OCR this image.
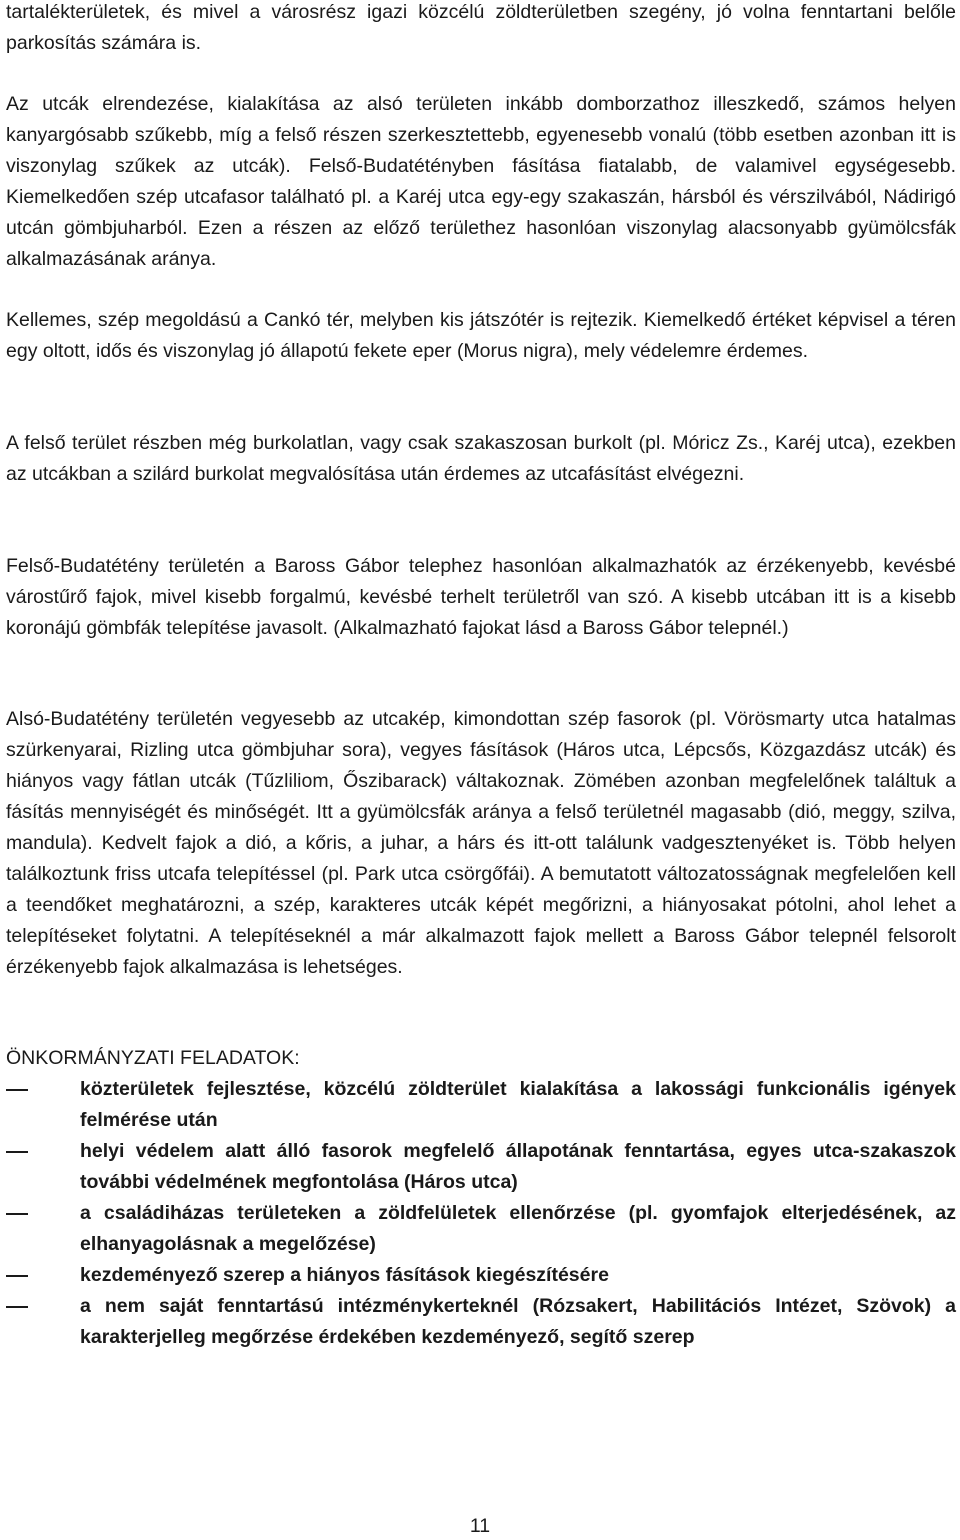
tartalékterületek, és mivel a városrész igazi közcélú zöldterületben szegény, jó volna fenntartani belőle parkosítás számára is.

Az utcák elrendezése, kialakítása az alsó területen inkább domborzathoz illeszkedő, számos helyen kanyargósabb szűkebb, míg a felső részen szerkesztettebb, egyenesebb vonalú (több esetben azonban itt is viszonylag szűkek az utcák). Felső-Budatétényben fásítása fiatalabb, de valamivel egységesebb. Kiemelkedően szép utcafasor található pl. a Karéj utca egy-egy szakaszán, hársból és vérszilvából, Nádirigó utcán gömbjuharból. Ezen a részen az előző területhez hasonlóan viszonylag alacsonyabb gyümölcsfák alkalmazásának aránya.

Kellemes, szép megoldású a Cankó tér, melyben kis játszótér is rejtezik. Kiemelkedő értéket képvisel a téren egy oltott, idős és viszonylag jó állapotú fekete eper (Morus nigra), mely védelemre érdemes.

A felső terület részben még burkolatlan, vagy csak szakaszosan burkolt (pl. Móricz Zs., Karéj utca), ezekben az utcákban a szilárd burkolat megvalósítása után érdemes az utcafásítást elvégezni.

Felső-Budatétény területén a Baross Gábor telephez hasonlóan alkalmazhatók az érzékenyebb, kevésbé várostűrő fajok, mivel kisebb forgalmú, kevésbé terhelt területről van szó. A kisebb utcában itt is a kisebb koronájú gömbfák telepítése javasolt. (Alkalmazható fajokat lásd a Baross Gábor telepnél.)

Alsó-Budatétény területén vegyesebb az utcakép, kimondottan szép fasorok (pl. Vörösmarty utca hatalmas szürkenyarai, Rizling utca gömbjuhar sora), vegyes fásítások (Háros utca, Lépcsős, Közgazdász utcák) és hiányos vagy fátlan utcák (Tűzliliom, Őszibarack) váltakoznak. Zömében azonban megfelelőnek találtuk a fásítás mennyiségét és minőségét. Itt a gyümölcsfák aránya a felső területnél magasabb (dió, meggy, szilva, mandula). Kedvelt fajok a dió, a kőris, a juhar, a hárs és itt-ott találunk vadgesztenyéket is. Több helyen találkoztunk friss utcafa telepítéssel (pl. Park utca csörgőfái). A bemutatott változatosságnak megfelelően kell a teendőket meghatározni, a szép, karakteres utcák képét megőrizni, a hiányosakat pótolni, ahol lehet a telepítéseket folytatni. A telepítéseknél a már alkalmazott fajok mellett a Baross Gábor telepnél felsorolt érzékenyebb fajok alkalmazása is lehetséges.

ÖNKORMÁNYZATI FELADATOK:
közterületek fejlesztése, közcélú zöldterület kialakítása a lakossági funkcionális igények felmérése után
helyi védelem alatt álló fasorok megfelelő állapotának fenntartása, egyes utca-szakaszok további védelmének megfontolása (Háros utca)
a családiházas területeken a zöldfelületek ellenőrzése (pl. gyomfajok elterjedésének, az elhanyagolásnak a megelőzése)
kezdeményező szerep a hiányos fásítások kiegészítésére
a nem saját fenntartású intézménykerteknél (Rózsakert, Habilitációs Intézet, Szövok) a karakterjelleg megőrzése érdekében kezdeményező, segítő szerep
11
